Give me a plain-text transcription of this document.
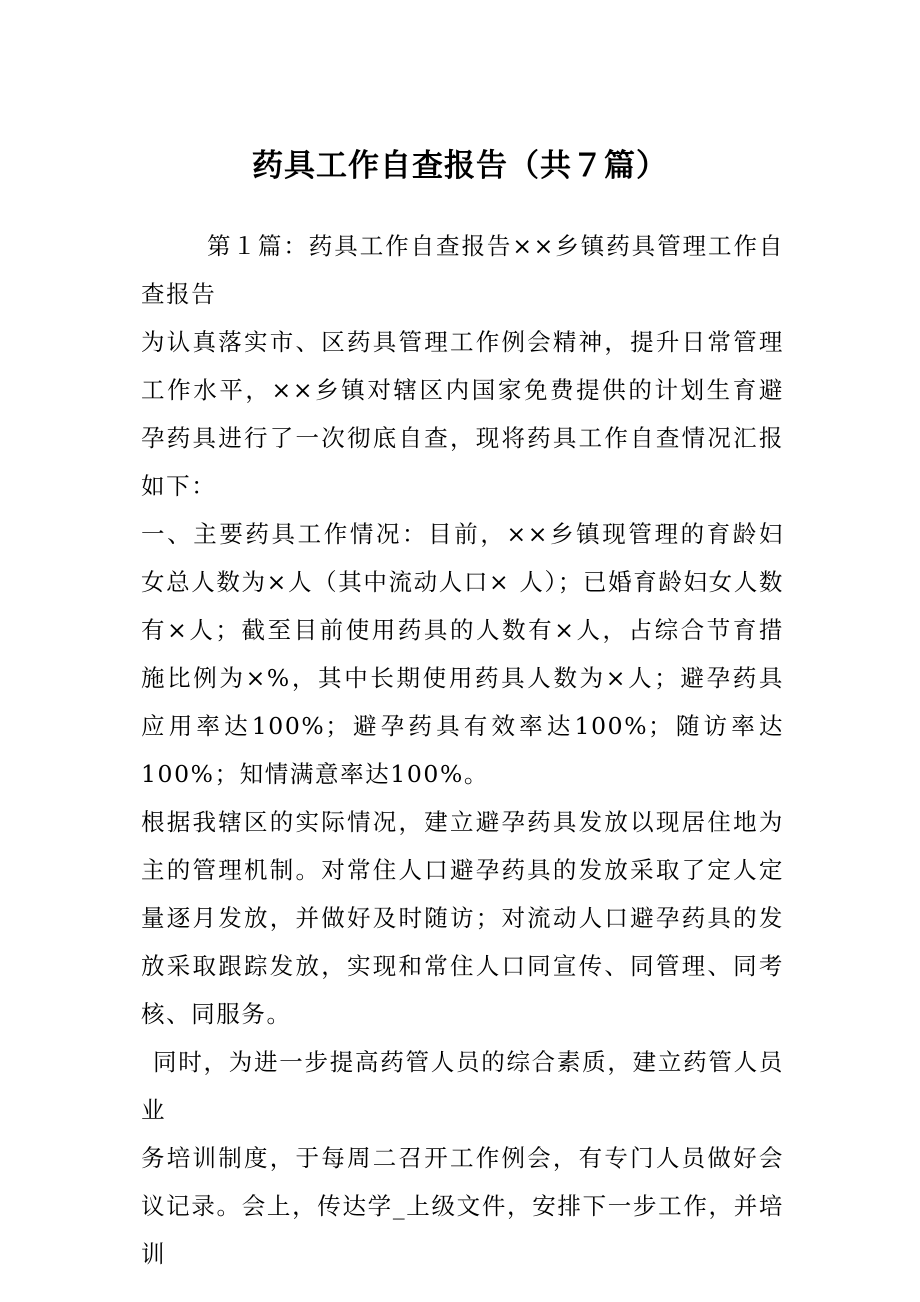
药具工作自查报告（共７篇）

第１篇：药具工作自查报告××乡镇药具管理工作自查报告

为认真落实市、区药具管理工作例会精神，提升日常管理工作水平，××乡镇对辖区内国家免费提供的计划生育避孕药具进行了一次彻底自查，现将药具工作自查情况汇报如下：

一、主要药具工作情况：目前，××乡镇现管理的育龄妇女总人数为×人（其中流动人口× 人）；已婚育龄妇女人数有×人；截至目前使用药具的人数有×人，占综合节育措施比例为×%，其中长期使用药具人数为×人；避孕药具应用率达100%；避孕药具有效率达100%；随访率达100%；知情满意率达100%。

根据我辖区的实际情况，建立避孕药具发放以现居住地为主的管理机制。对常住人口避孕药具的发放采取了定人定量逐月发放，并做好及时随访；对流动人口避孕药具的发放采取跟踪发放，实现和常住人口同宣传、同管理、同考核、同服务。

同时，为进一步提高药管人员的综合素质，建立药管人员业

务培训制度，于每周二召开工作例会，有专门人员做好会议记录。会上，传达学_上级文件，安排下一步工作，并培训
